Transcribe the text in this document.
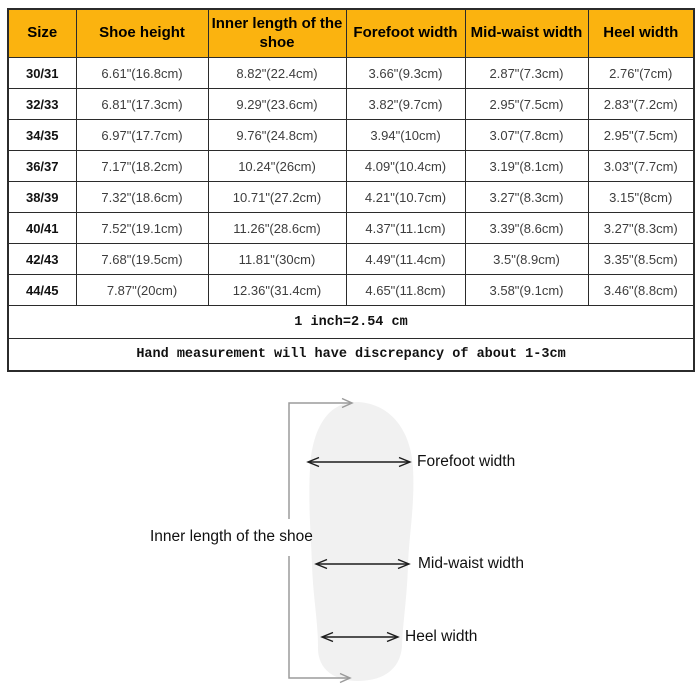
Size	Shoe height	Inner length of the shoe	Forefoot width	Mid-waist width	Heel width
30/31	6.61"(16.8cm)	8.82"(22.4cm)	3.66"(9.3cm)	2.87"(7.3cm)	2.76"(7cm)
32/33	6.81"(17.3cm)	9.29"(23.6cm)	3.82"(9.7cm)	2.95"(7.5cm)	2.83"(7.2cm)
34/35	6.97"(17.7cm)	9.76"(24.8cm)	3.94"(10cm)	3.07"(7.8cm)	2.95"(7.5cm)
36/37	7.17"(18.2cm)	10.24"(26cm)	4.09"(10.4cm)	3.19"(8.1cm)	3.03"(7.7cm)
38/39	7.32"(18.6cm)	10.71"(27.2cm)	4.21"(10.7cm)	3.27"(8.3cm)	3.15"(8cm)
40/41	7.52"(19.1cm)	11.26"(28.6cm)	4.37"(11.1cm)	3.39"(8.6cm)	3.27"(8.3cm)
42/43	7.68"(19.5cm)	11.81"(30cm)	4.49"(11.4cm)	3.5"(8.9cm)	3.35"(8.5cm)
44/45	7.87"(20cm)	12.36"(31.4cm)	4.65"(11.8cm)	3.58"(9.1cm)	3.46"(8.8cm)
1 inch=2.54 cm					
Hand measurement will have discrepancy of about 1-3cm					
Inner length of the shoe
Forefoot width
Mid-waist width
Heel width
